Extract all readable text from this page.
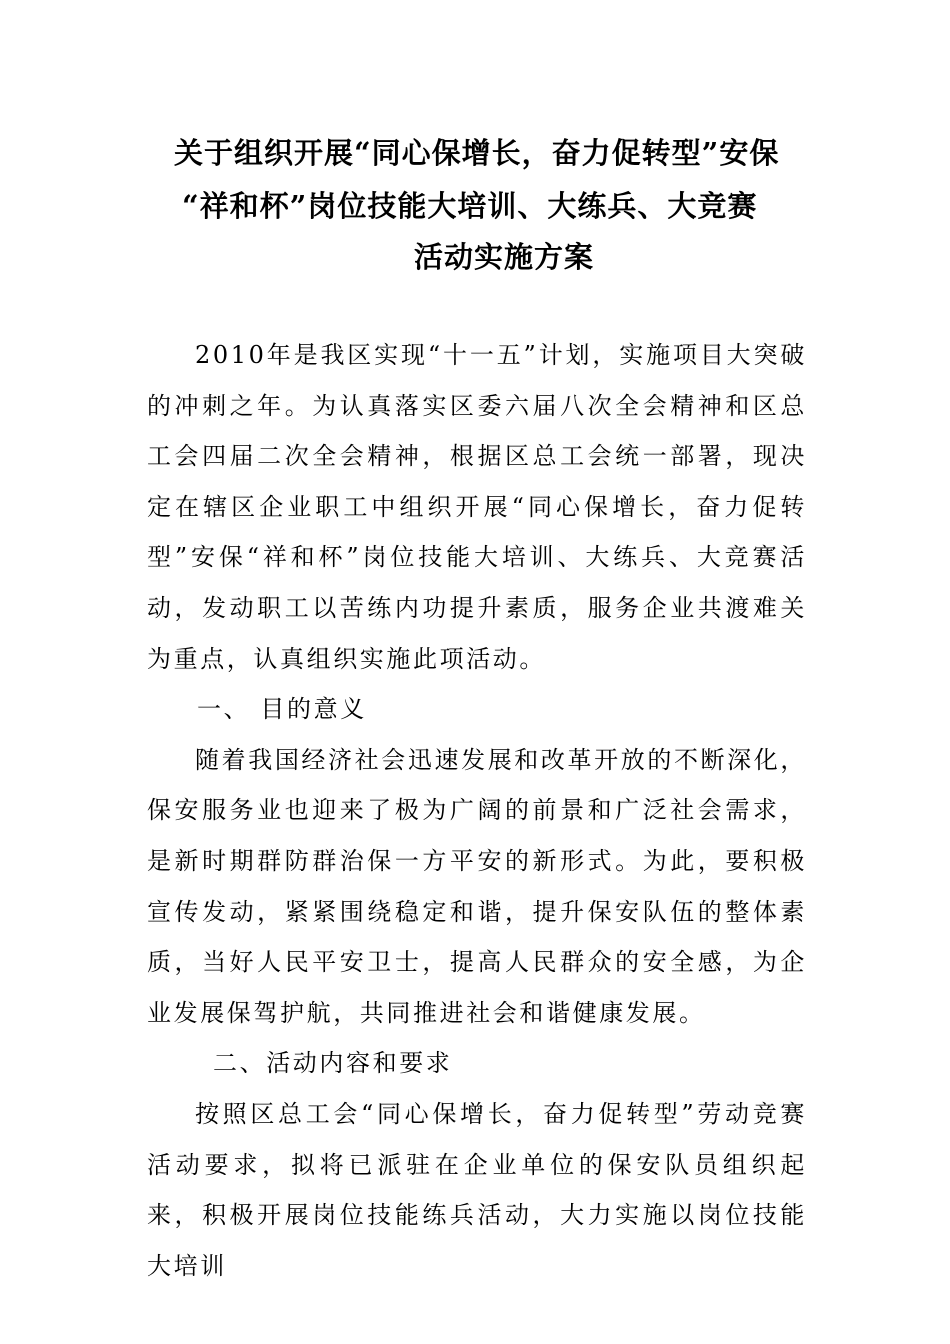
关于组织开展“同心保增长，奋力促转型”安保
“祥和杯”岗位技能大培训、大练兵、大竞赛
活动实施方案

2010年是我区实现“十一五”计划，实施项目大突破的冲刺之年。为认真落实区委六届八次全会精神和区总工会四届二次全会精神，根据区总工会统一部署，现决定在辖区企业职工中组织开展“同心保增长，奋力促转型”安保“祥和杯”岗位技能大培训、大练兵、大竞赛活动，发动职工以苦练内功提升素质，服务企业共渡难关为重点，认真组织实施此项活动。

一、 目的意义

随着我国经济社会迅速发展和改革开放的不断深化，保安服务业也迎来了极为广阔的前景和广泛社会需求，是新时期群防群治保一方平安的新形式。为此，要积极宣传发动，紧紧围绕稳定和谐，提升保安队伍的整体素质，当好人民平安卫士，提高人民群众的安全感，为企业发展保驾护航，共同推进社会和谐健康发展。

二、活动内容和要求

按照区总工会“同心保增长，奋力促转型”劳动竞赛活动要求，拟将已派驻在企业单位的保安队员组织起来，积极开展岗位技能练兵活动，大力实施以岗位技能大培训
